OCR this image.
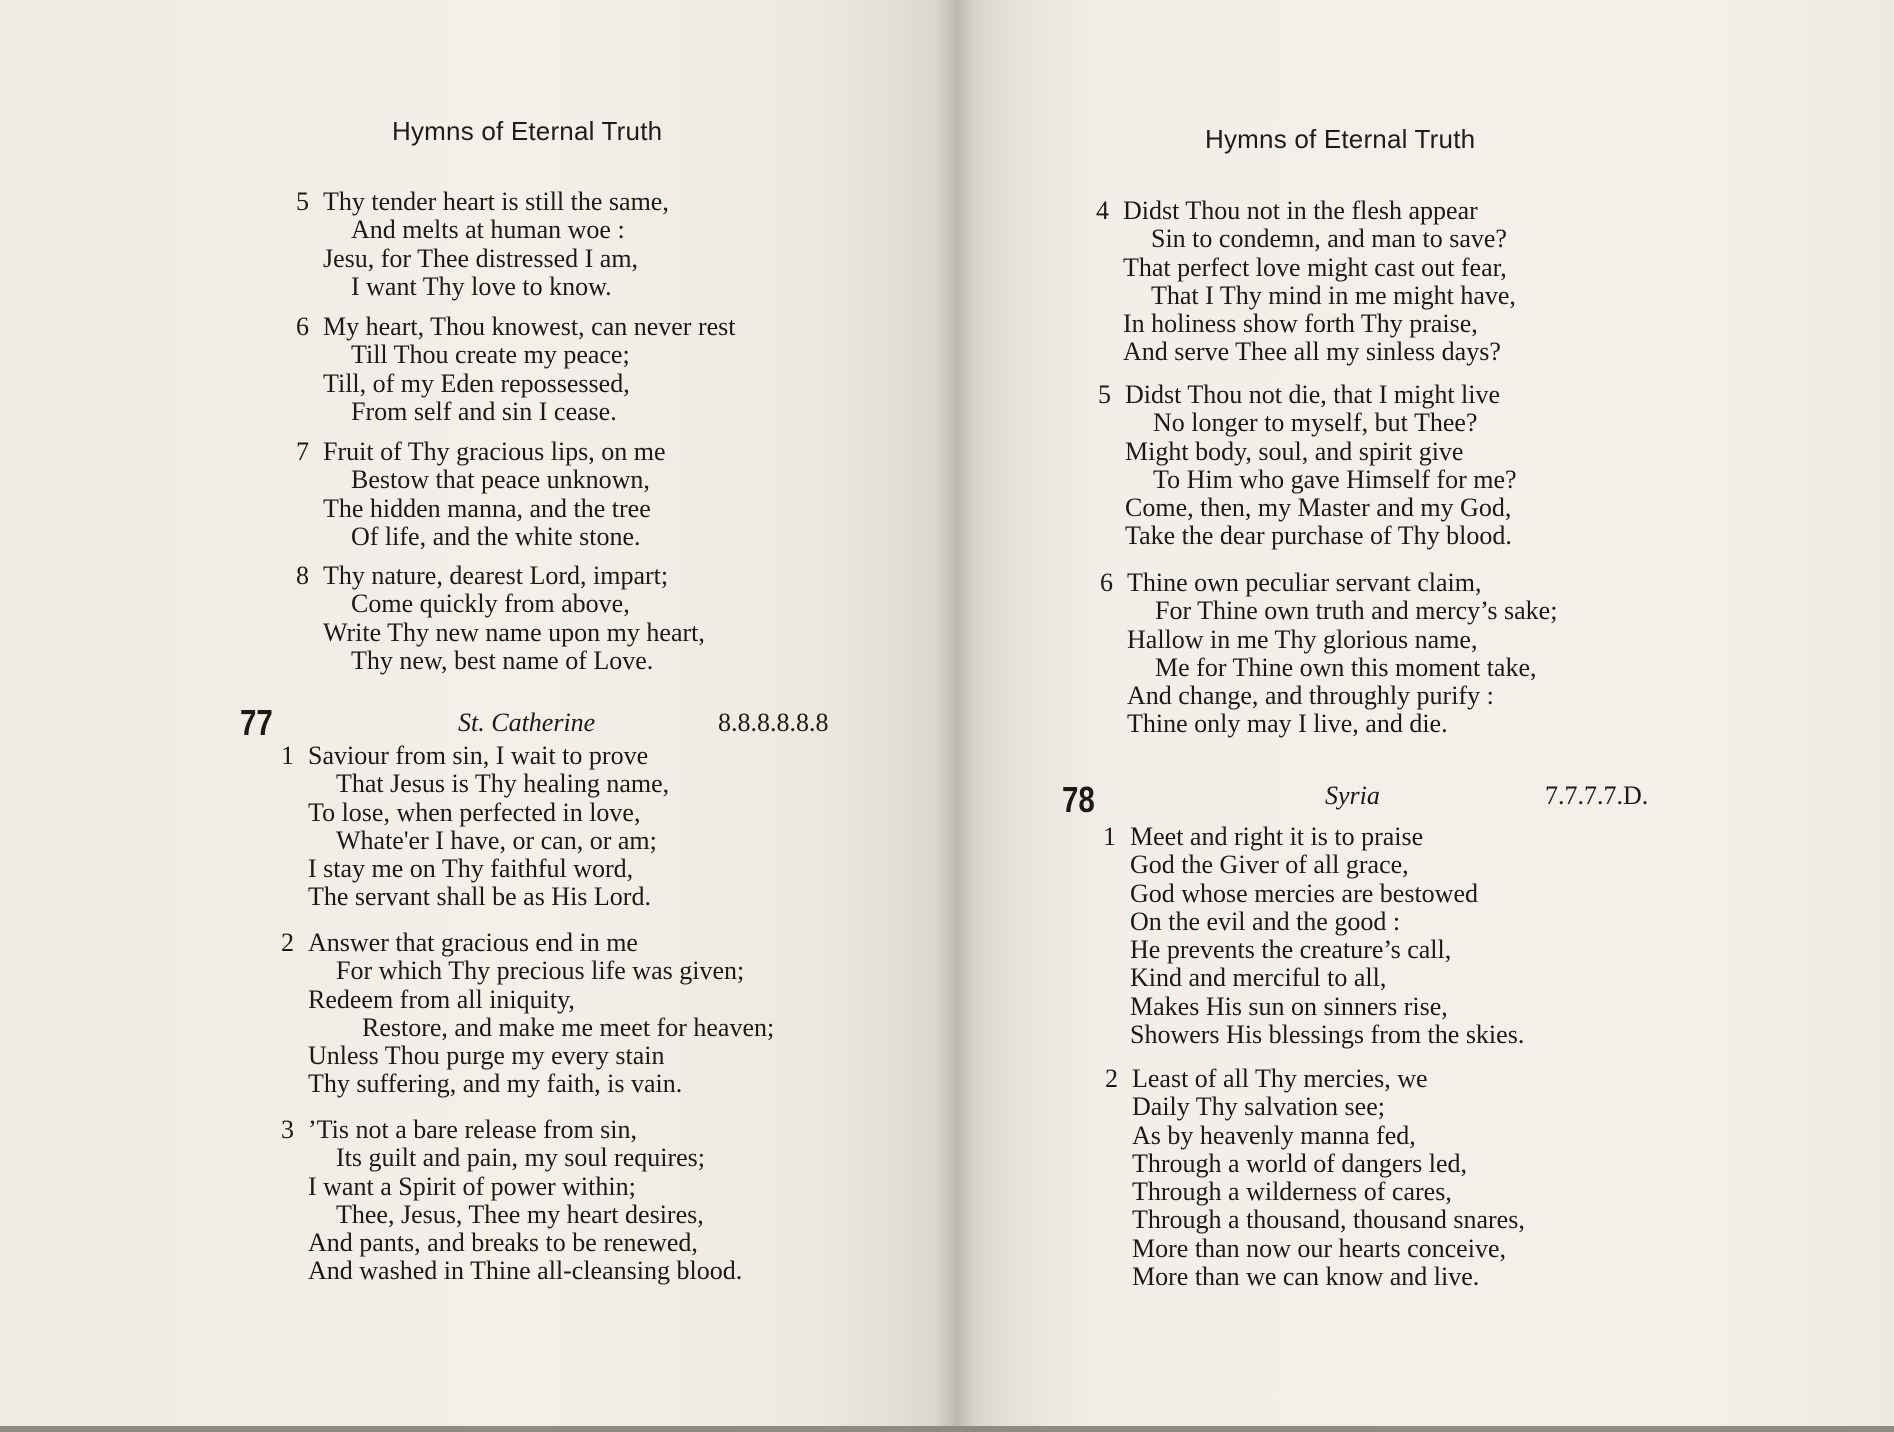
Hymns of Eternal Truth
5 Thy tender heart is still the same,
And melts at human woe :
Jesu, for Thee distressed I am,
I want Thy love to know.
6 My heart, Thou knowest, can never rest
Till Thou create my peace;
Till, of my Eden repossessed,
From self and sin I cease.
7 Fruit of Thy gracious lips, on me
Bestow that peace unknown,
The hidden manna, and the tree
Of life, and the white stone.
8 Thy nature, dearest Lord, impart;
Come quickly from above,
Write Thy new name upon my heart,
Thy new, best name of Love.
77	St. Catherine	8.8.8.8.8.8
1 Saviour from sin, I wait to prove
That Jesus is Thy healing name,
To lose, when perfected in love,
Whate'er I have, or can, or am;
I stay me on Thy faithful word,
The servant shall be as His Lord.
2 Answer that gracious end in me
For which Thy precious life was given;
Redeem from all iniquity,
Restore, and make me meet for heaven;
Unless Thou purge my every stain
Thy suffering, and my faith, is vain.
3 ’Tis not a bare release from sin,
Its guilt and pain, my soul requires;
I want a Spirit of power within;
Thee, Jesus, Thee my heart desires,
And pants, and breaks to be renewed,
And washed in Thine all-cleansing blood.
Hymns of Eternal Truth
4 Didst Thou not in the flesh appear
Sin to condemn, and man to save?
That perfect love might cast out fear,
That I Thy mind in me might have,
In holiness show forth Thy praise,
And serve Thee all my sinless days?
5 Didst Thou not die, that I might live
No longer to myself, but Thee?
Might body, soul, and spirit give
To Him who gave Himself for me?
Come, then, my Master and my God,
Take the dear purchase of Thy blood.
6 Thine own peculiar servant claim,
For Thine own truth and mercy’s sake;
Hallow in me Thy glorious name,
Me for Thine own this moment take,
And change, and throughly purify :
Thine only may I live, and die.
78	Syria	7.7.7.7.D.
1 Meet and right it is to praise
God the Giver of all grace,
God whose mercies are bestowed
On the evil and the good :
He prevents the creature’s call,
Kind and merciful to all,
Makes His sun on sinners rise,
Showers His blessings from the skies.
2 Least of all Thy mercies, we
Daily Thy salvation see;
As by heavenly manna fed,
Through a world of dangers led,
Through a wilderness of cares,
Through a thousand, thousand snares,
More than now our hearts conceive,
More than we can know and live.
